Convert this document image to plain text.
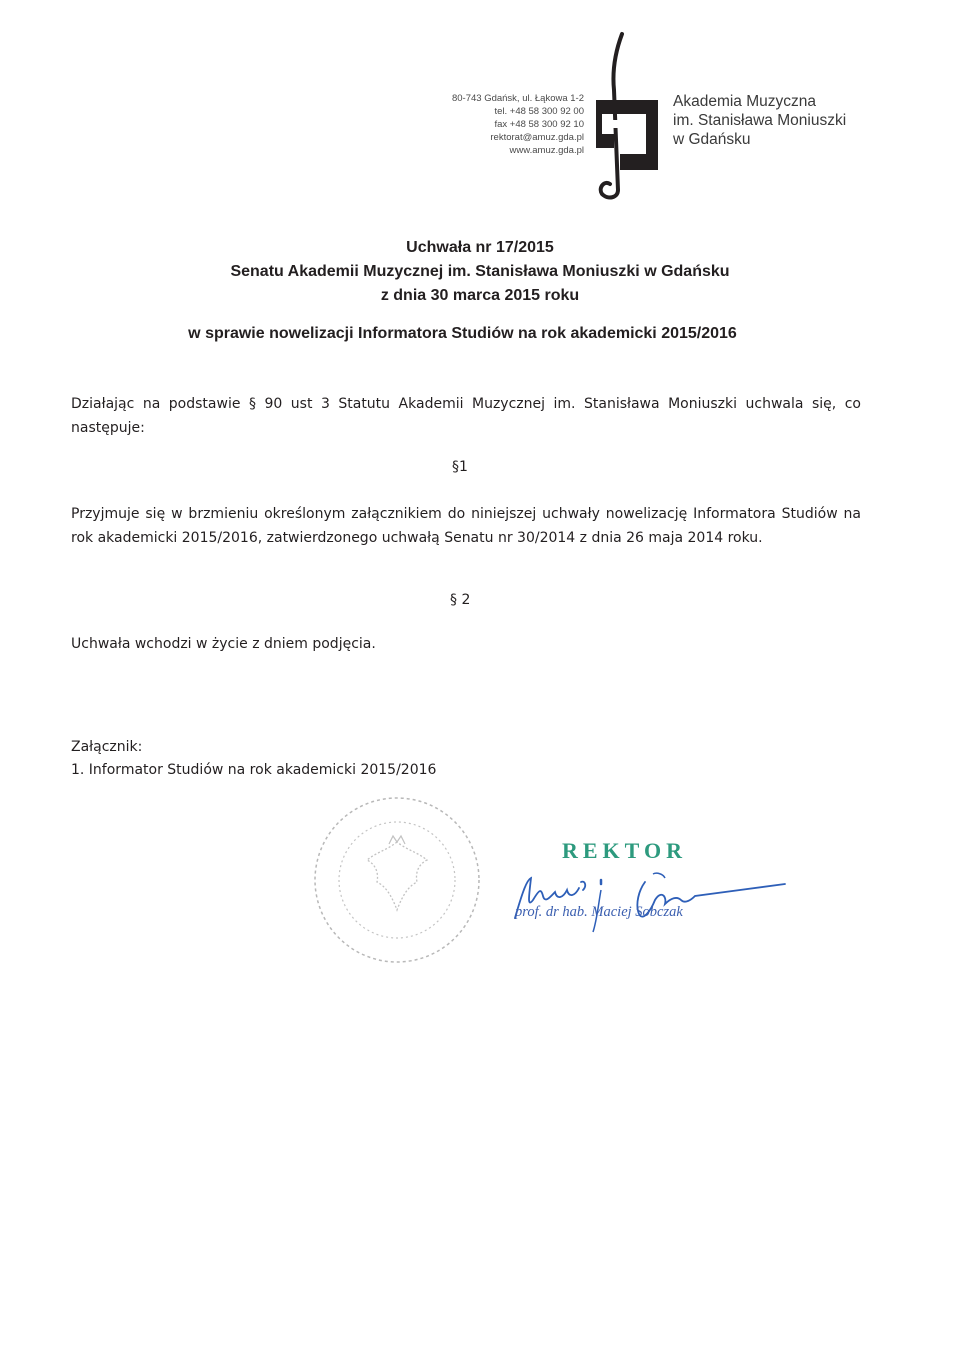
80-743 Gdańsk, ul. Łąkowa 1-2
tel. +48 58 300 92 00
fax +48 58 300 92 10
rektorat@amuz.gda.pl
www.amuz.gda.pl
Akademia Muzyczna
im. Stanisława Moniuszki
w Gdańsku
Uchwała nr 17/2015
Senatu Akademii Muzycznej im. Stanisława Moniuszki w Gdańsku
z dnia 30 marca 2015 roku
w sprawie nowelizacji Informatora Studiów na rok akademicki 2015/2016
Działając na podstawie § 90 ust 3 Statutu Akademii Muzycznej im. Stanisława Moniuszki uchwala się, co następuje:
§1
Przyjmuje się w brzmieniu określonym załącznikiem do niniejszej uchwały nowelizację Informatora Studiów na rok akademicki 2015/2016, zatwierdzonego uchwałą Senatu nr 30/2014 z dnia 26 maja 2014 roku.
§ 2
Uchwała wchodzi w życie z dniem podjęcia.
Załącznik:
1. Informator Studiów na rok akademicki 2015/2016
REKTOR
prof. dr hab. Maciej Sobczak
